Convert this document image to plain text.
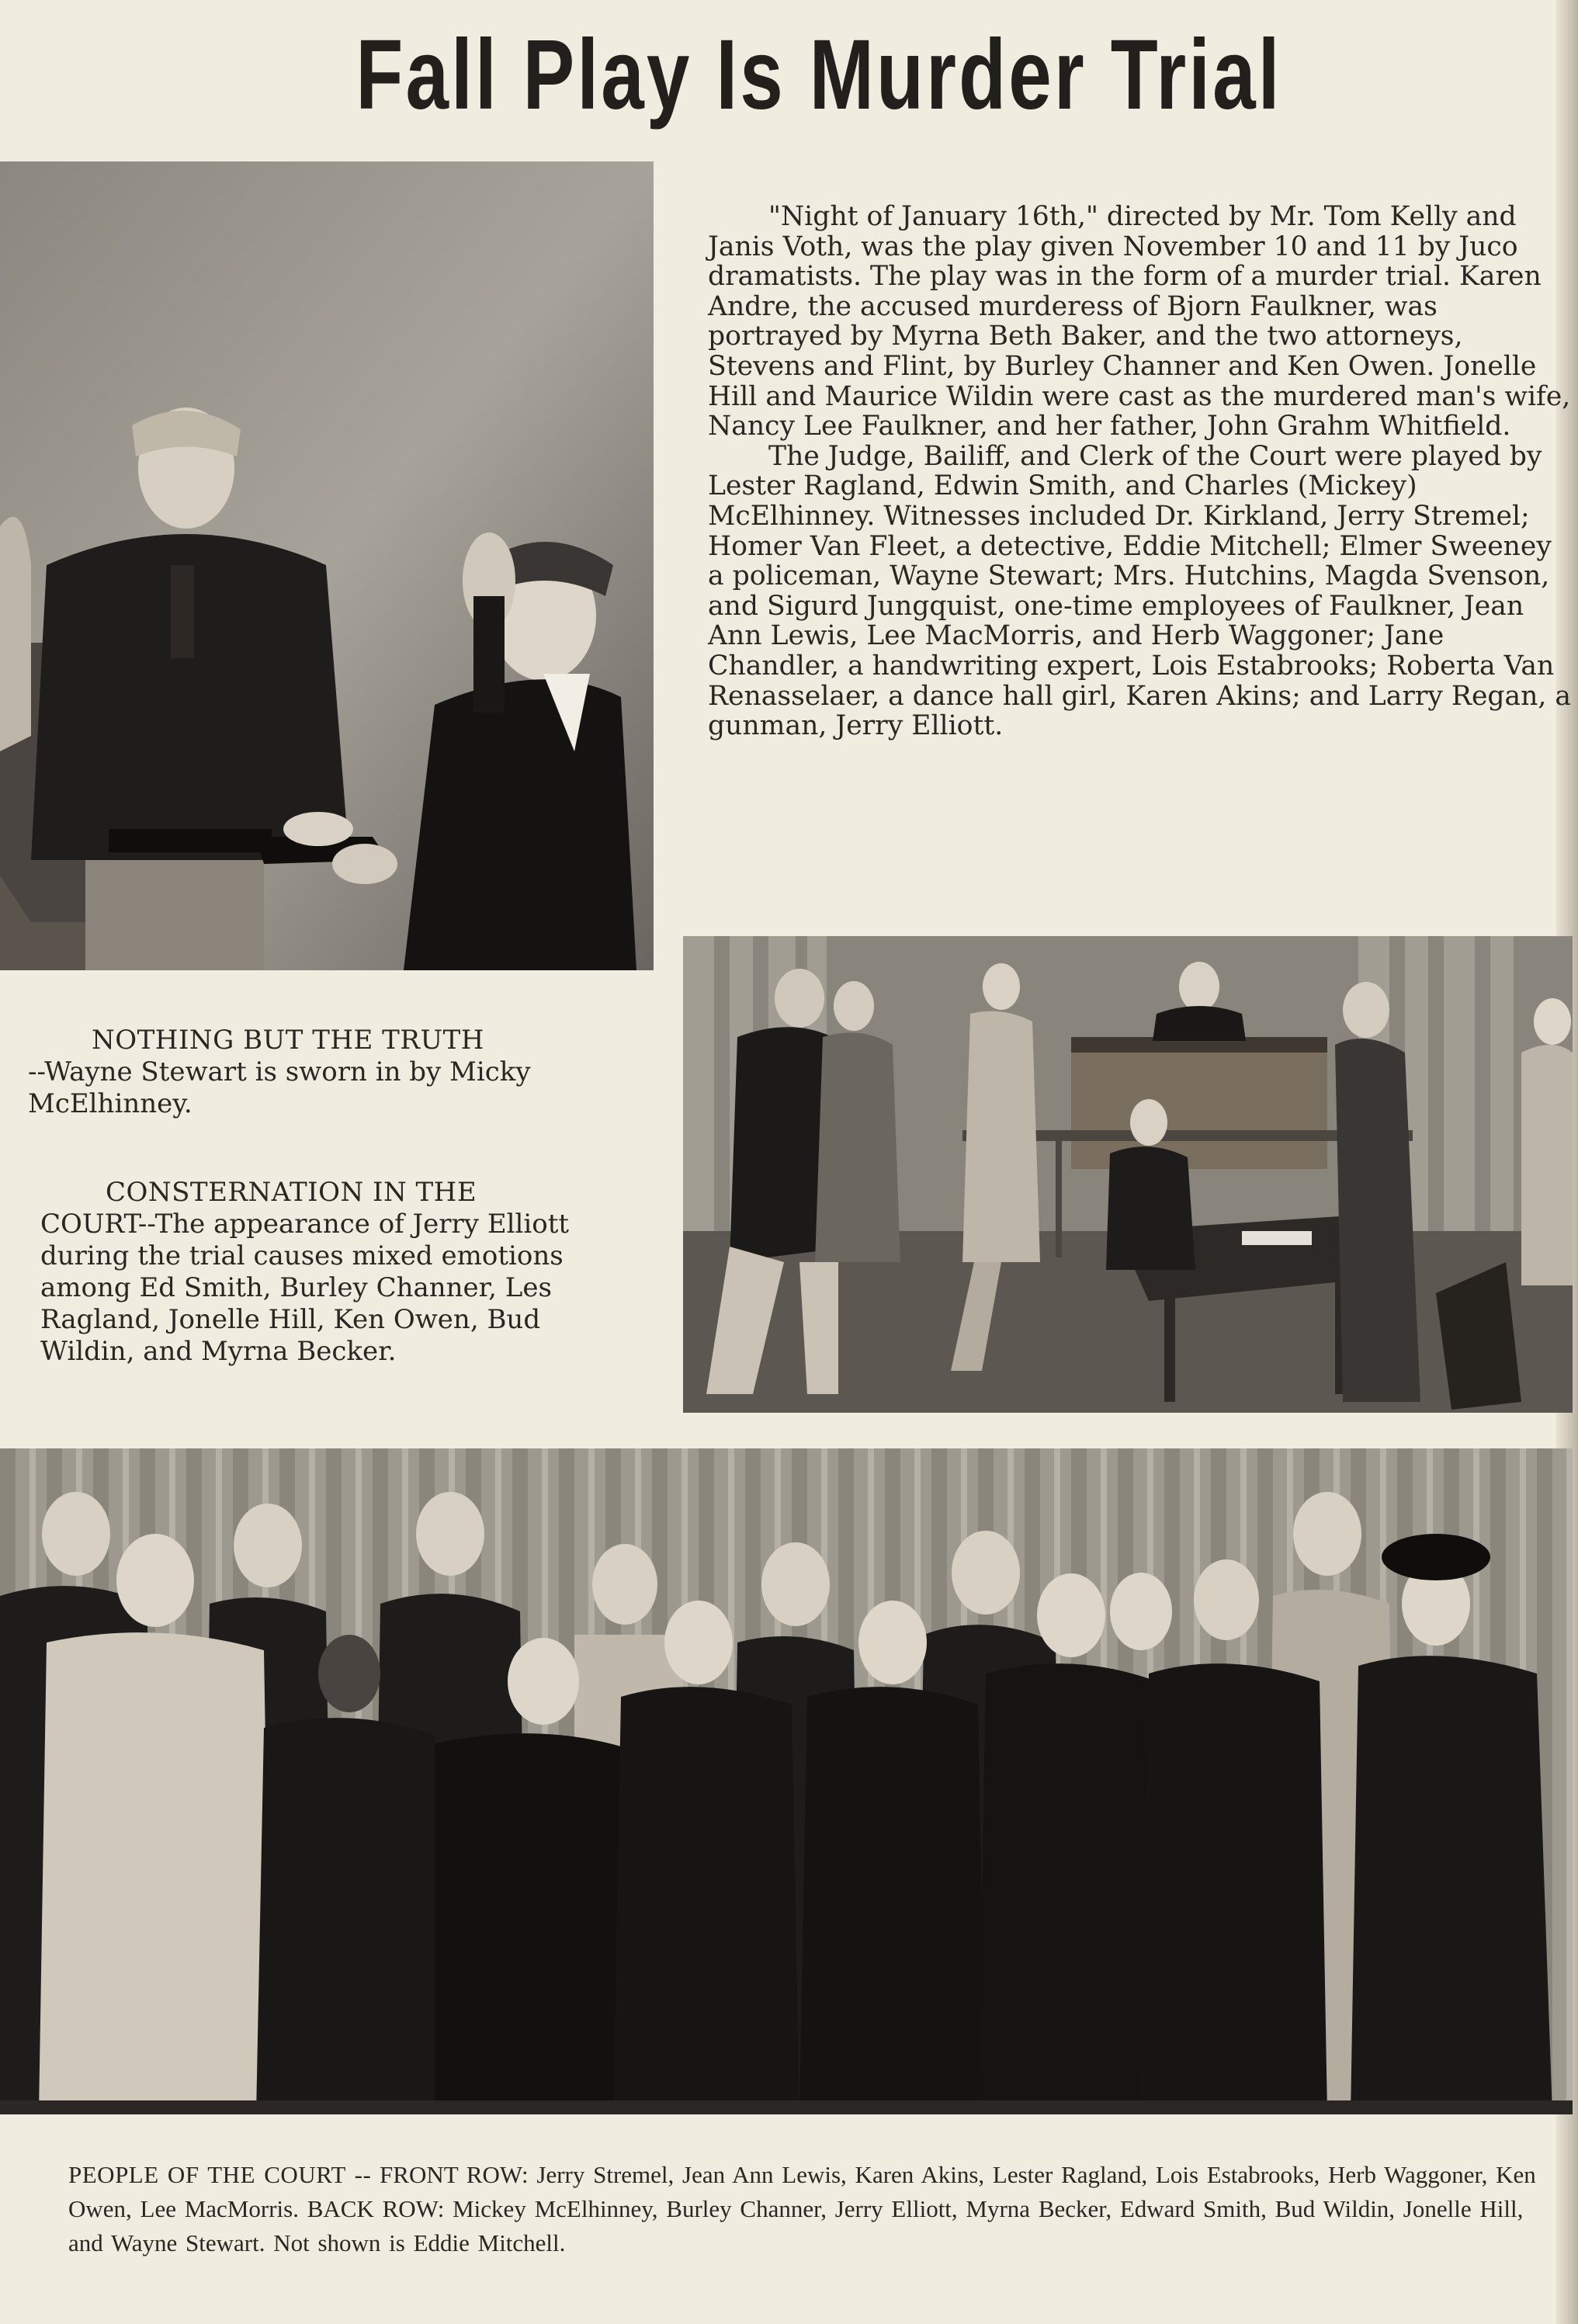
Fall Play Is Murder Trial

"Night of January 16th," directed by Mr. Tom Kelly and Janis Voth, was the play given November 10 and 11 by Juco dramatists. The play was in the form of a murder trial. Karen Andre, the accused murderess of Bjorn Faulkner, was portrayed by Myrna Beth Baker, and the two attorneys, Stevens and Flint, by Burley Channer and Ken Owen. Jonelle Hill and Maurice Wildin were cast as the murdered man's wife, Nancy Lee Faulkner, and her father, John Grahm Whitfield.

The Judge, Bailiff, and Clerk of the Court were played by Lester Ragland, Edwin Smith, and Charles (Mickey) McElhinney. Witnesses included Dr. Kirkland, Jerry Stremel; Homer Van Fleet, a detective, Eddie Mitchell; Elmer Sweeney a policeman, Wayne Stewart; Mrs. Hutchins, Magda Svenson, and Sigurd Jungquist, one-time employees of Faulkner, Jean Ann Lewis, Lee MacMorris, and Herb Waggoner; Jane Chandler, a handwriting expert, Lois Estabrooks; Roberta Van Renasselaer, a dance hall girl, Karen Akins; and Larry Regan, a gunman, Jerry Elliott.

NOTHING BUT THE TRUTH
--Wayne Stewart is sworn in by Micky McElhinney.
CONSTERNATION IN THE
COURT--The appearance of Jerry Elliott during the trial causes mixed emotions among Ed Smith, Burley Channer, Les Ragland, Jonelle Hill, Ken Owen, Bud Wildin, and Myrna Becker.
PEOPLE OF THE COURT -- FRONT ROW: Jerry Stremel, Jean Ann Lewis, Karen Akins, Lester Ragland, Lois Estabrooks, Herb Waggoner, Ken Owen, Lee MacMorris. BACK ROW: Mickey McElhinney, Burley Channer, Jerry Elliott, Myrna Becker, Edward Smith, Bud Wildin, Jonelle Hill, and Wayne Stewart. Not shown is Eddie Mitchell.
